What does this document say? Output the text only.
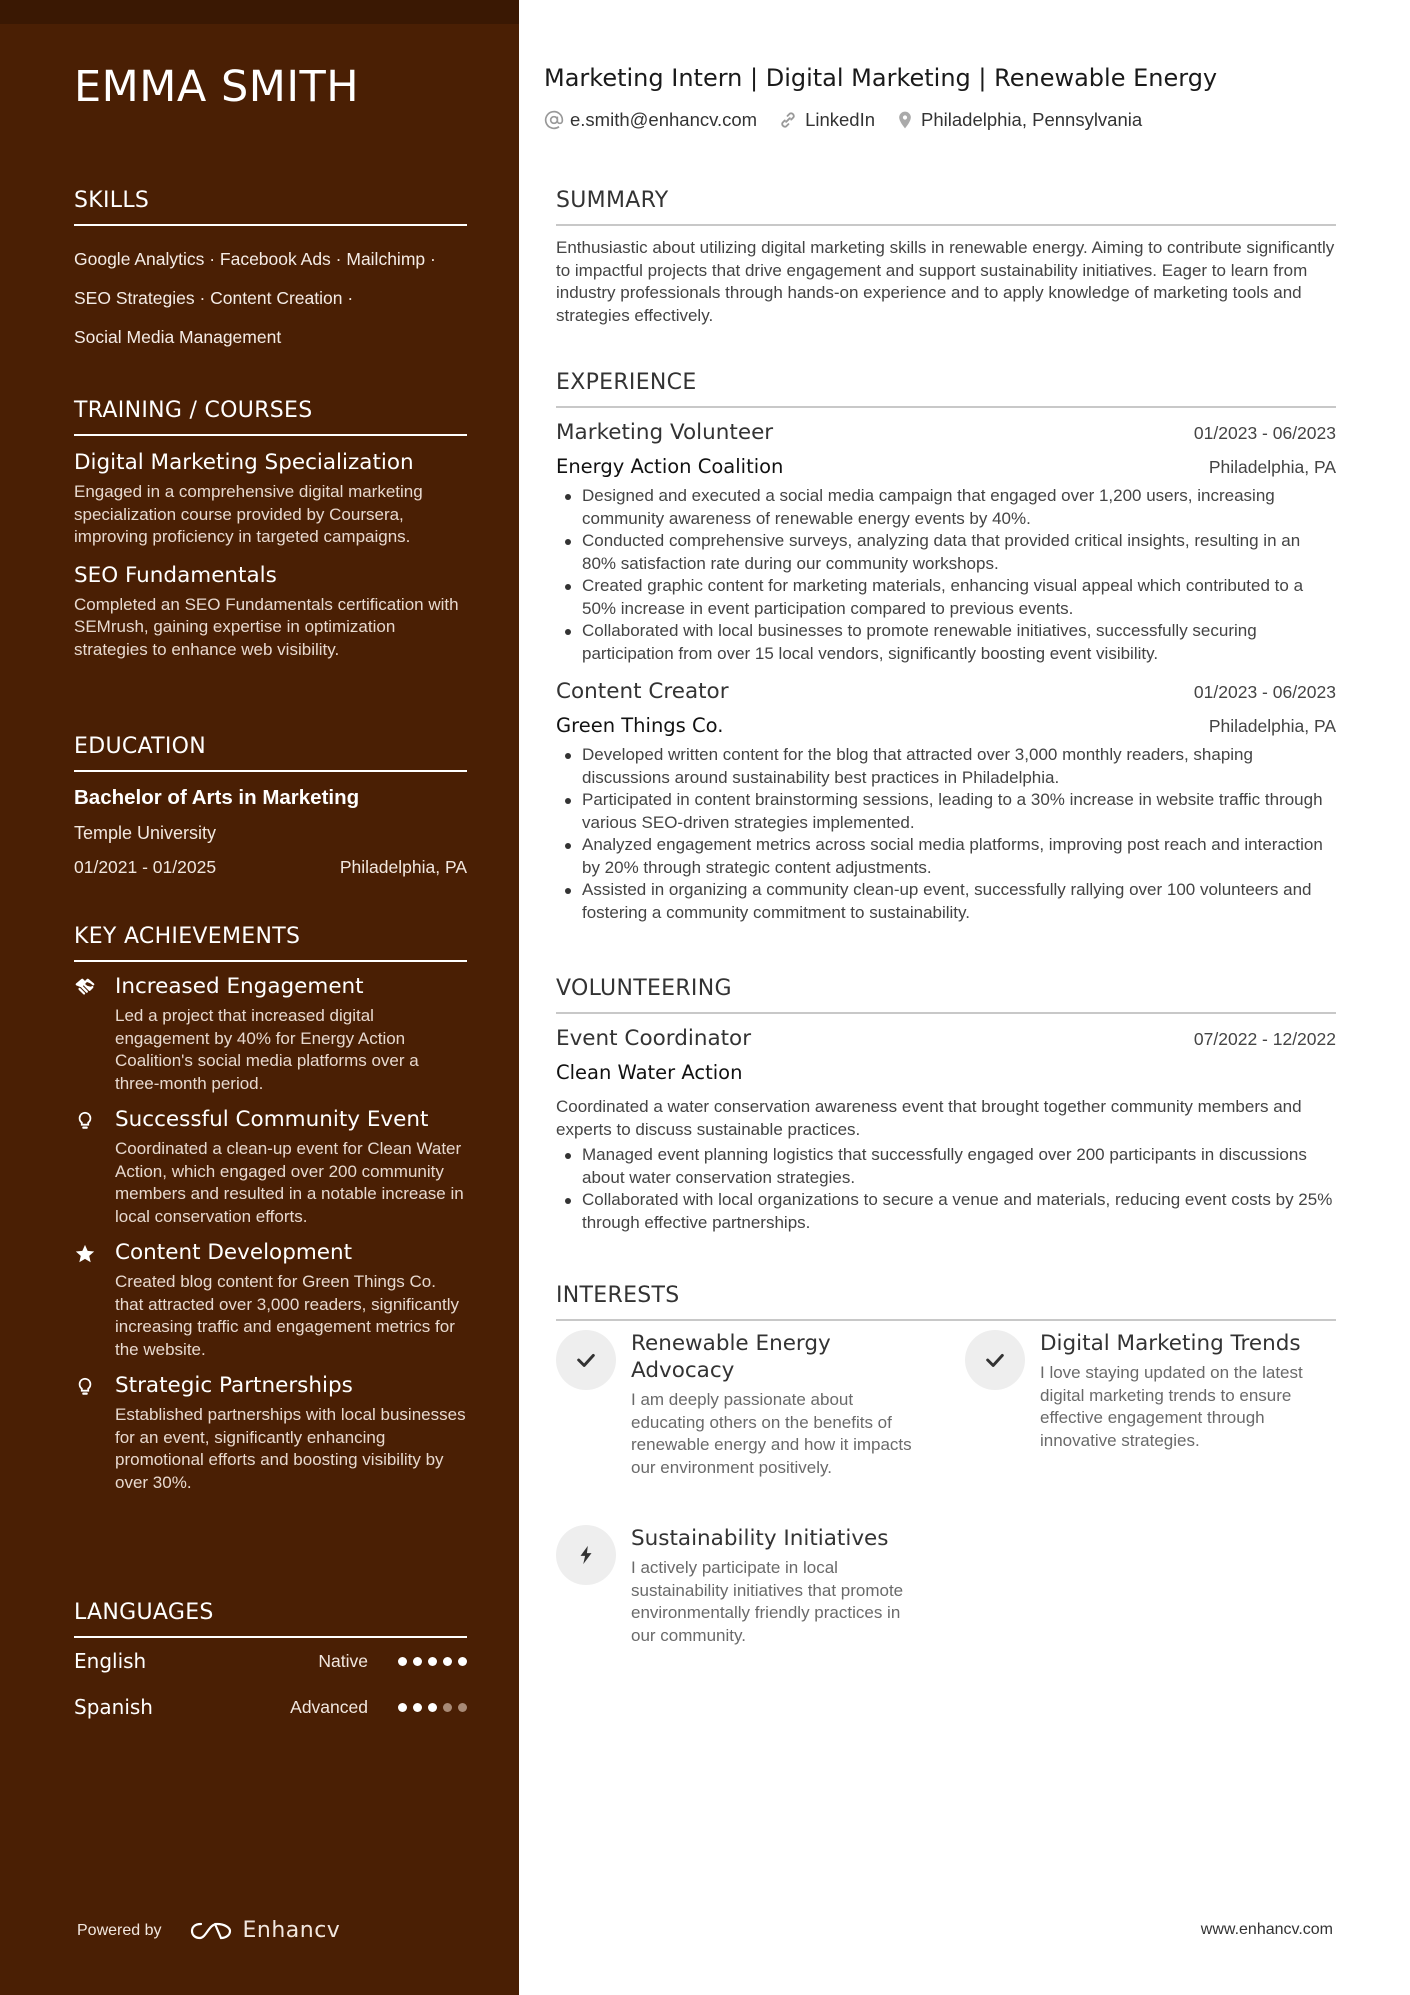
EMMA SMITH
SKILLS
Google Analytics · Facebook Ads · Mailchimp ·
SEO Strategies · Content Creation ·
Social Media Management
TRAINING / COURSES
Digital Marketing Specialization
Engaged in a comprehensive digital marketing specialization course provided by Coursera, improving proficiency in targeted campaigns.
SEO Fundamentals
Completed an SEO Fundamentals certification with SEMrush, gaining expertise in optimization strategies to enhance web visibility.
EDUCATION
Bachelor of Arts in Marketing
Temple University
01/2021 - 01/2025	Philadelphia, PA
KEY ACHIEVEMENTS
Increased Engagement
Led a project that increased digital engagement by 40% for Energy Action Coalition's social media platforms over a three-month period.
Successful Community Event
Coordinated a clean-up event for Clean Water Action, which engaged over 200 community members and resulted in a notable increase in local conservation efforts.
Content Development
Created blog content for Green Things Co. that attracted over 3,000 readers, significantly increasing traffic and engagement metrics for the website.
Strategic Partnerships
Established partnerships with local businesses for an event, significantly enhancing promotional efforts and boosting visibility by over 30%.
LANGUAGES
English	Native
Spanish	Advanced
Powered by	Enhancv
Marketing Intern | Digital Marketing | Renewable Energy
e.smith@enhancv.com	LinkedIn Philadelphia, Pennsylvania
SUMMARY
Enthusiastic about utilizing digital marketing skills in renewable energy. Aiming to contribute significantly to impactful projects that drive engagement and support sustainability initiatives. Eager to learn from industry professionals through hands-on experience and to apply knowledge of marketing tools and strategies effectively.
EXPERIENCE
Marketing Volunteer	01/2023 - 06/2023
Energy Action Coalition	Philadelphia, PA
Designed and executed a social media campaign that engaged over 1,200 users, increasing community awareness of renewable energy events by 40%.
Conducted comprehensive surveys, analyzing data that provided critical insights, resulting in an 80% satisfaction rate during our community workshops.
Created graphic content for marketing materials, enhancing visual appeal which contributed to a 50% increase in event participation compared to previous events.
Collaborated with local businesses to promote renewable initiatives, successfully securing participation from over 15 local vendors, significantly boosting event visibility.
Content Creator	01/2023 - 06/2023
Green Things Co.	Philadelphia, PA
Developed written content for the blog that attracted over 3,000 monthly readers, shaping discussions around sustainability best practices in Philadelphia.
Participated in content brainstorming sessions, leading to a 30% increase in website traffic through various SEO-driven strategies implemented.
Analyzed engagement metrics across social media platforms, improving post reach and interaction by 20% through strategic content adjustments.
Assisted in organizing a community clean-up event, successfully rallying over 100 volunteers and fostering a community commitment to sustainability.
VOLUNTEERING
Event Coordinator	07/2022 - 12/2022
Clean Water Action
Coordinated a water conservation awareness event that brought together community members and experts to discuss sustainable practices.
Managed event planning logistics that successfully engaged over 200 participants in discussions about water conservation strategies.
Collaborated with local organizations to secure a venue and materials, reducing event costs by 25% through effective partnerships.
INTERESTS
Renewable Energy Advocacy
I am deeply passionate about educating others on the benefits of renewable energy and how it impacts our environment positively.
Digital Marketing Trends
I love staying updated on the latest digital marketing trends to ensure effective engagement through innovative strategies.
Sustainability Initiatives
I actively participate in local sustainability initiatives that promote environmentally friendly practices in our community.
www.enhancv.com
